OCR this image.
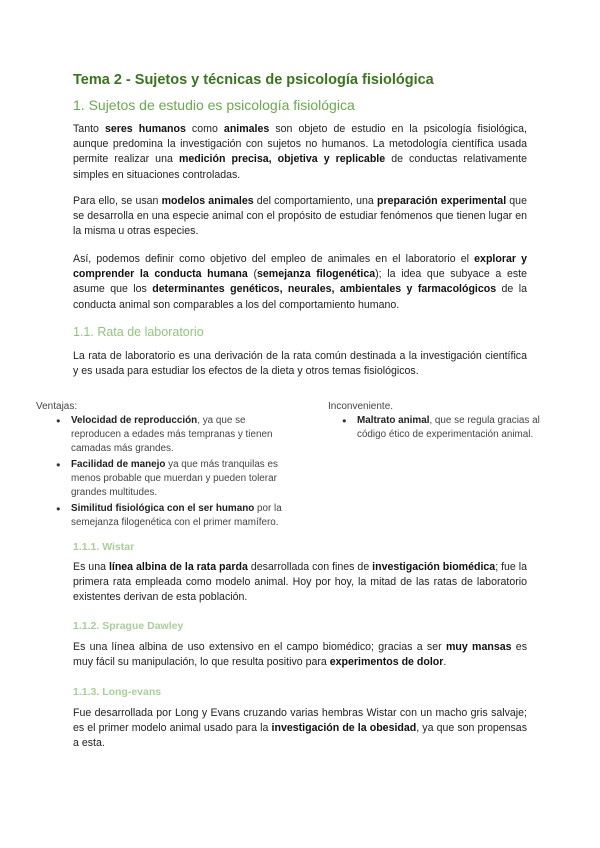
Tema 2 - Sujetos y técnicas de psicología fisiológica
1. Sujetos de estudio es psicología fisiológica
Tanto seres humanos como animales son objeto de estudio en la psicología fisiológica, aunque predomina la investigación con sujetos no humanos. La metodología científica usada permite realizar una medición precisa, objetiva y replicable de conductas relativamente simples en situaciones controladas.
Para ello, se usan modelos animales del comportamiento, una preparación experimental que se desarrolla en una especie animal con el propósito de estudiar fenómenos que tienen lugar en la misma u otras especies.
Así, podemos definir como objetivo del empleo de animales en el laboratorio el explorar y comprender la conducta humana (semejanza filogenética); la idea que subyace a este asume que los determinantes genéticos, neurales, ambientales y farmacológicos de la conducta animal son comparables a los del comportamiento humano.
1.1. Rata de laboratorio
La rata de laboratorio es una derivación de la rata común destinada a la investigación científica y es usada para estudiar los efectos de la dieta y otros temas fisiológicos.
Ventajas:
● Velocidad de reproducción, ya que se reproducen a edades más tempranas y tienen camadas más grandes.
● Facilidad de manejo ya que más tranquilas es menos probable que muerdan y pueden tolerar grandes multitudes.
● Similitud fisiológica con el ser humano por la semejanza filogenética con el primer mamífero.
Inconveniente.
● Maltrato animal, que se regula gracias al código ético de experimentación animal.
1.1.1. Wistar
Es una línea albina de la rata parda desarrollada con fines de investigación biomédica; fue la primera rata empleada como modelo animal. Hoy por hoy, la mitad de las ratas de laboratorio existentes derivan de esta población.
1.1.2. Sprague Dawley
Es una línea albina de uso extensivo en el campo biomédico; gracias a ser muy mansas es muy fácil su manipulación, lo que resulta positivo para experimentos de dolor.
1.1.3. Long-evans
Fue desarrollada por Long y Evans cruzando varias hembras Wistar con un macho gris salvaje; es el primer modelo animal usado para la investigación de la obesidad, ya que son propensas a esta.
